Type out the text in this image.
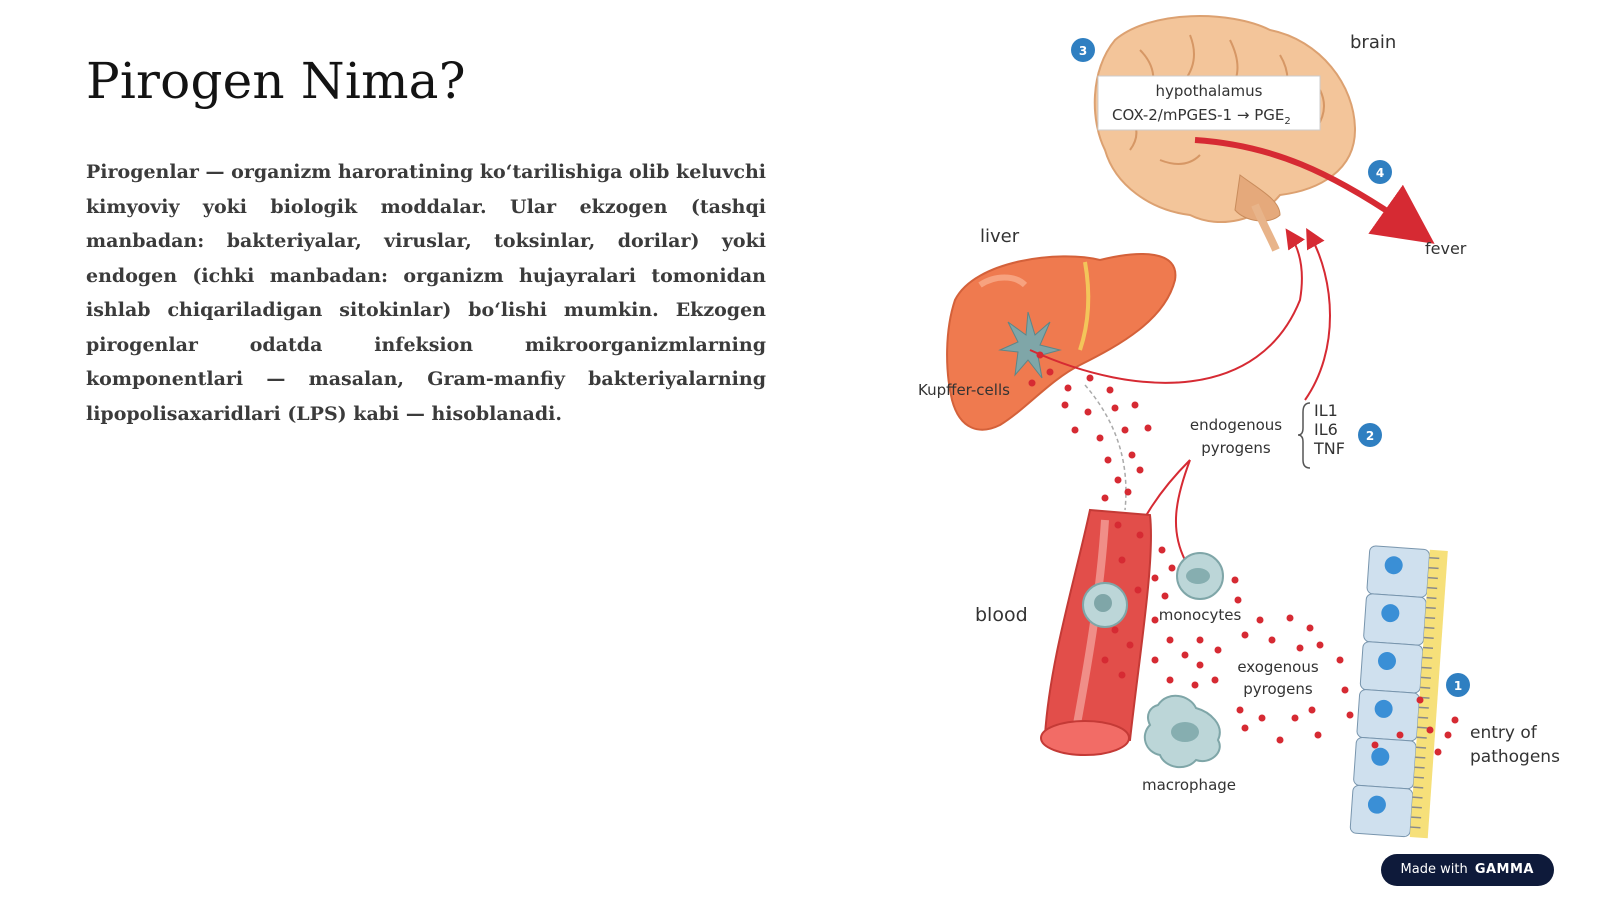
Pirogen Nima?

Pirogenlar — organizm haroratining ko‘tarilishiga olib keluvchi kimyoviy yoki biologik moddalar. Ular ekzogen (tashqi manbadan: bakteriyalar, viruslar, toksinlar, dorilar) yoki endogen (ichki manbadan: organizm hujayralari tomonidan ishlab chiqariladigan sitokinlar) bo‘lishi mumkin. Ekzogen pirogenlar odatda infeksion mikroorganizmlarning komponentlari — masalan, Gram-manfiy bakteriyalarning lipopolisaxaridlari (LPS) kabi — hisoblanadi.

hypothalamus
COX-2/mPGES-1 → $PGE_2$
brain
fever
3
4
2
1
liver
Kupffer-cells
endogenous
pyrogens
IL1
IL6
TNF
blood	monocytes
exogenous
pyrogens
macrophage
entry of
pathogens
Made with GAMMA
